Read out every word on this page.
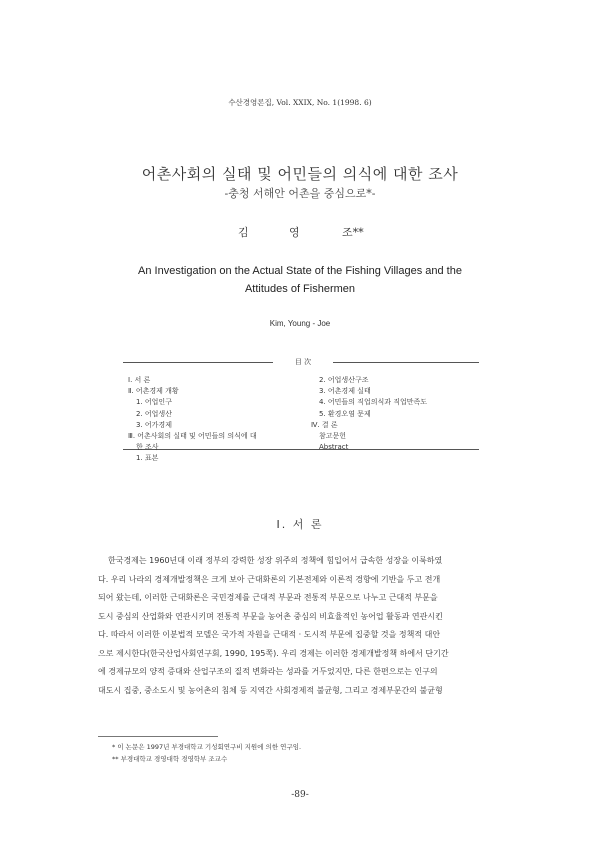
수산경영론집, Vol. XXIX, No. 1(1998. 6)
어촌사회의 실태 및 어민들의 의식에 대한 조사
-충청 서해안 어촌을 중심으로*-
김	영	조**
An Investigation on the Actual State of the Fishing Villages and the
Attitudes of Fishermen
Kim, Young - Joe
目 次
Ⅰ. 서 론
Ⅱ. 어촌경제 개황
1. 어업인구
2. 어업생산
3. 어가경제
Ⅲ. 어촌사회의 실태 및 어민들의 의식에 대
한 조사
1. 표본
2. 어업생산구조
3. 어촌경제 실태
4. 어민들의 직업의식과 직업만족도
5. 환경오염 문제
Ⅳ. 결 론
참고문헌
Abstract
Ⅰ. 서 론
한국경제는 1960년대 이래 정부의 강력한 성장 위주의 정책에 힘입어서 급속한 성장을 이룩하였
다. 우리 나라의 경제개발정책은 크게 보아 근대화론의 기본전제와 이론적 경향에 기반을 두고 전개
되어 왔는데, 이러한 근대화론은 국민경제를 근대적 부문과 전통적 부문으로 나누고 근대적 부문을
도시 중심의 산업화와 연관시키며 전통적 부문을 농어촌 중심의 비효율적인 농어업 활동과 연관시킨
다. 따라서 이러한 이분법적 모델은 국가적 자원을 근대적 · 도시적 부문에 집중할 것을 정책적 대안
으로 제시한다(한국산업사회연구회, 1990, 195쪽). 우리 경제는 이러한 경제개발정책 하에서 단기간
에 경제규모의 양적 증대와 산업구조의 질적 변화라는 성과를 거두었지만, 다른 한편으로는 인구의
대도시 집중, 중소도시 및 농어촌의 침체 등 지역간 사회경제적 불균형, 그리고 경제부문간의 불균형
* 이 논문은 1997년 부경대학교 기성회연구비 지원에 의한 연구임.
** 부경대학교 경영대학 경영학부 조교수
-89-
